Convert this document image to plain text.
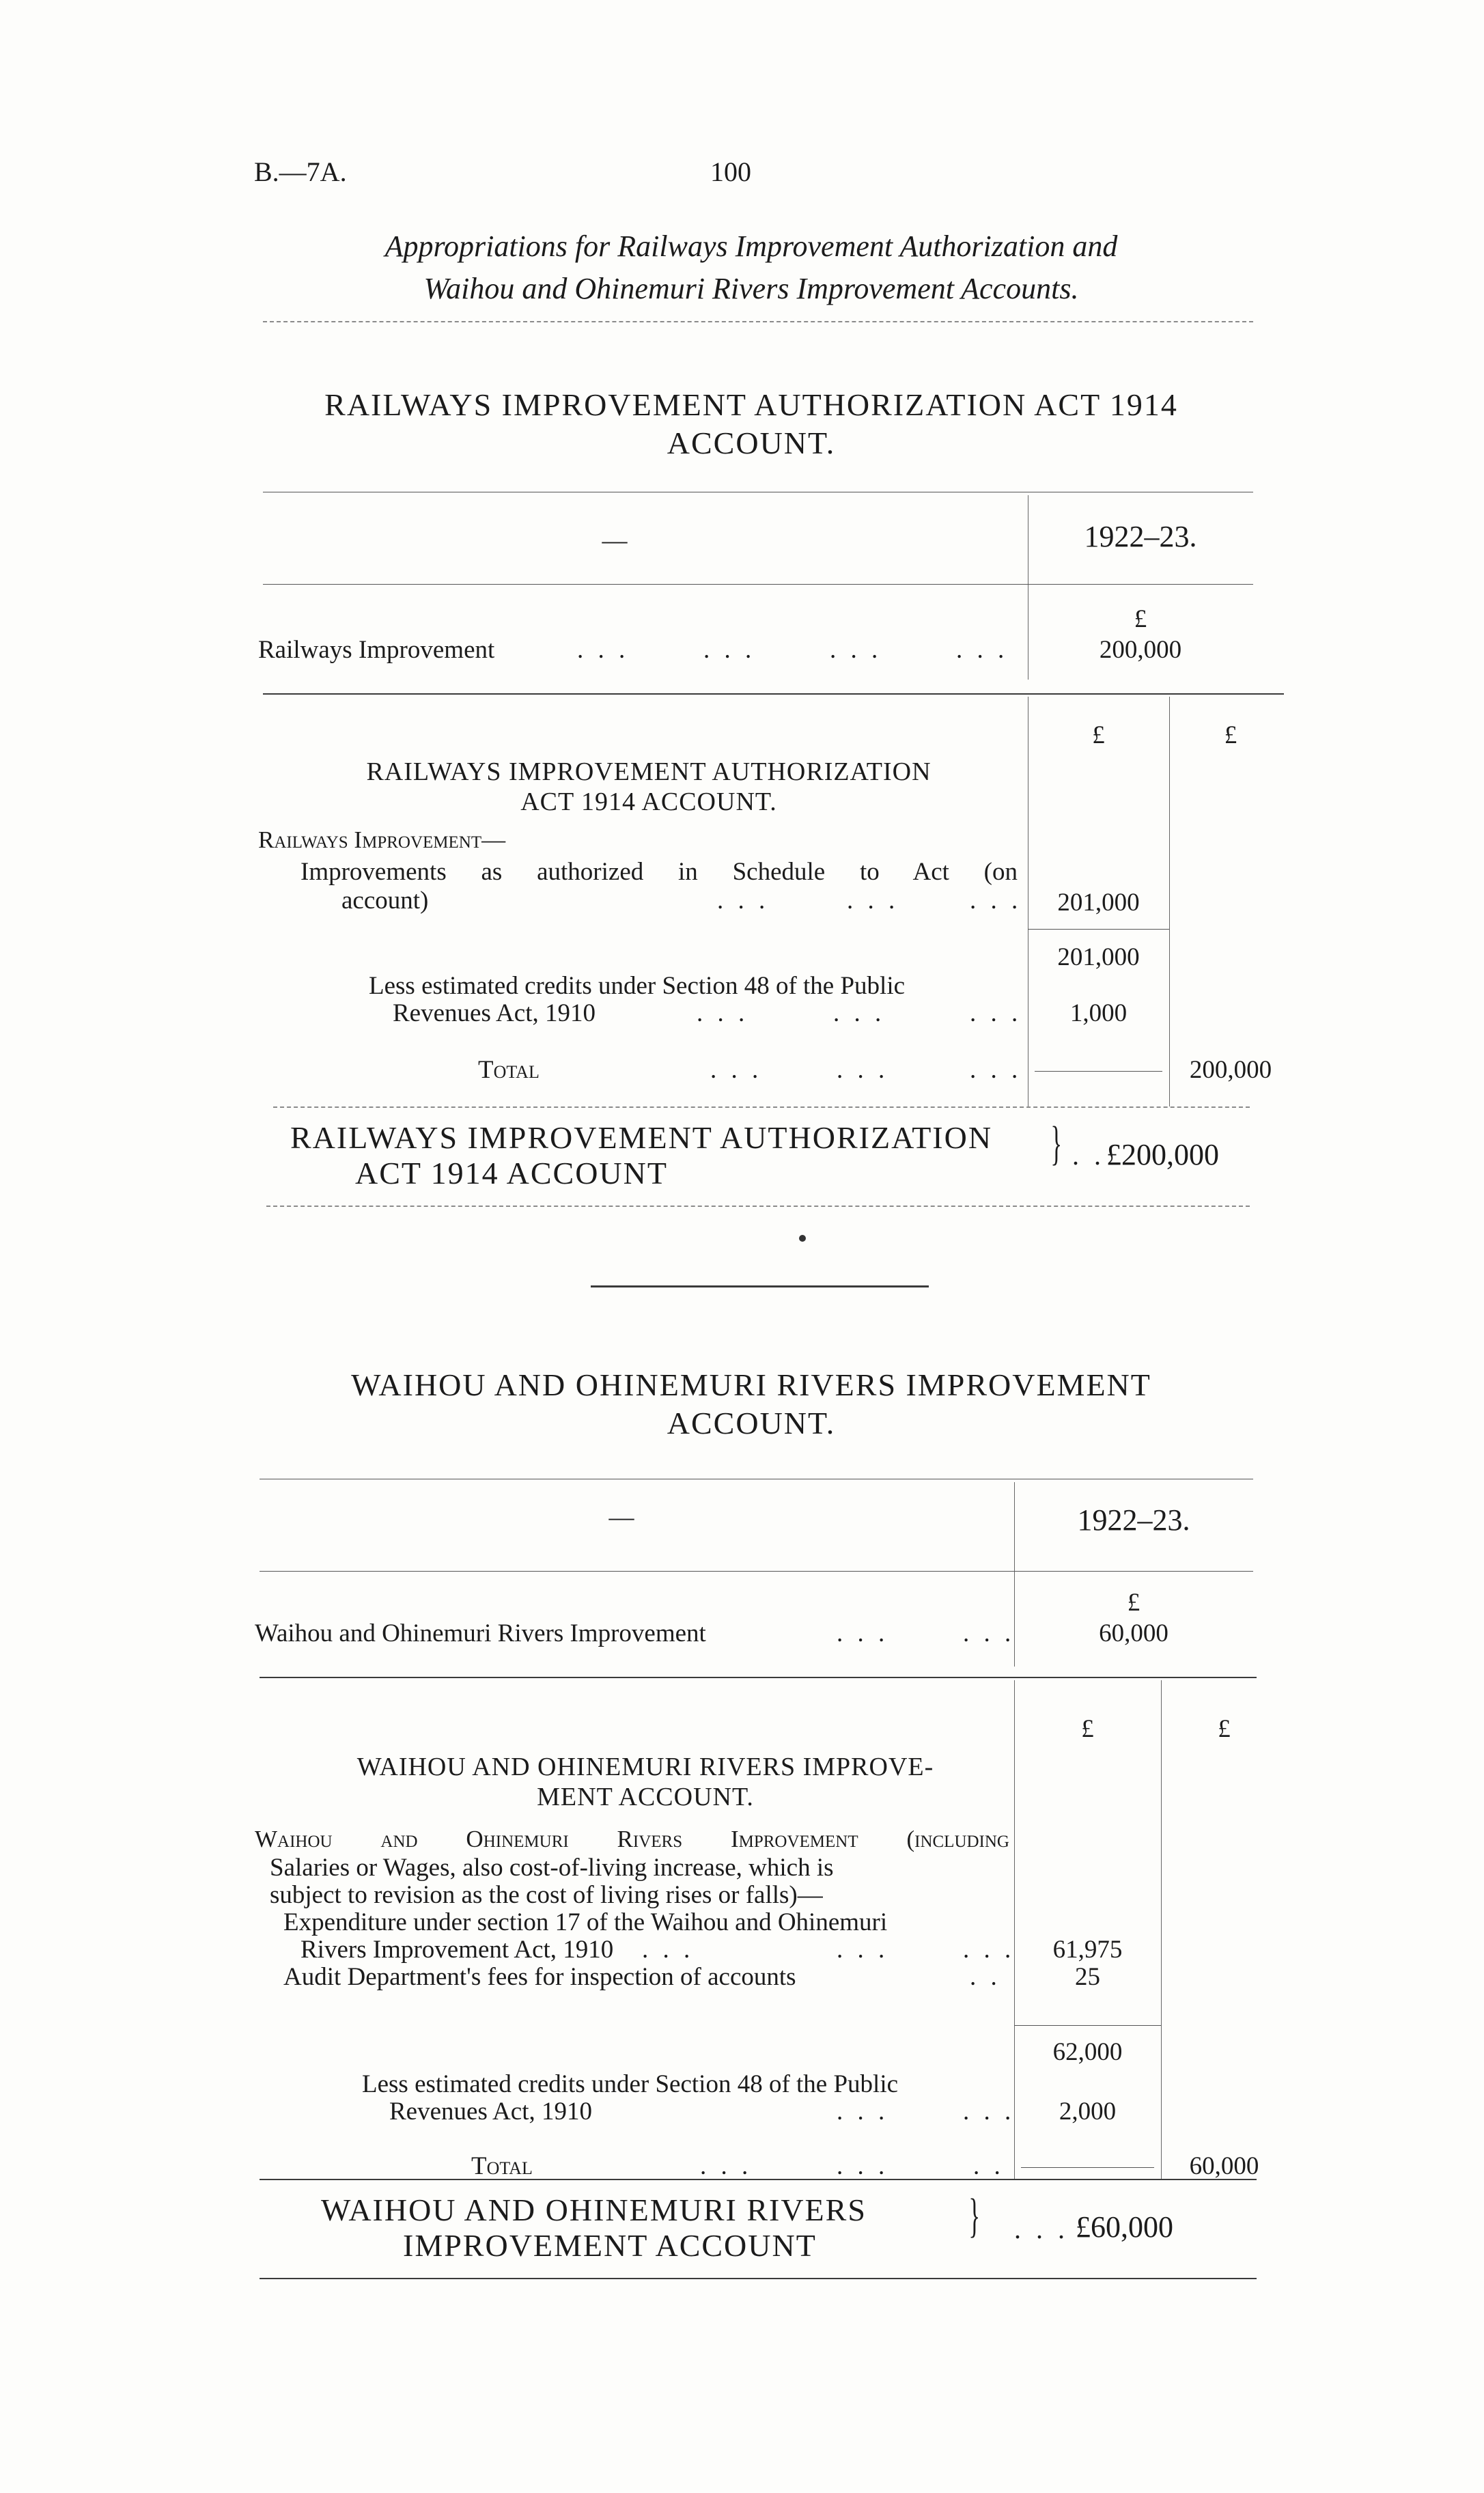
B.—7A.	100
Appropriations for Railways Improvement Authorization and
Waihou and Ohinemuri Rivers Improvement Accounts.
RAILWAYS IMPROVEMENT AUTHORIZATION ACT 1914
ACCOUNT.
—	1922–23.
£
Railways Improvement	. . .	. . .	. . .	. . .	200,000
£	£
RAILWAYS IMPROVEMENT AUTHORIZATION
ACT 1914 ACCOUNT.
Railways Improvement—
Improvements as authorized in Schedule to Act (on
account)	. . .	. . .	. . .	201,000
201,000
Less estimated credits under Section 48 of the Public
Revenues Act, 1910	. . .	. . .	. . .	1,000
Total	. . .	. . .	. . .	200,000
RAILWAYS IMPROVEMENT AUTHORIZATION
ACT 1914 ACCOUNT
} . . £200,000
WAIHOU AND OHINEMURI RIVERS IMPROVEMENT
ACCOUNT.
—	1922–23.
£
Waihou and Ohinemuri Rivers Improvement	. . .	. . .	60,000
£	£
WAIHOU AND OHINEMURI RIVERS IMPROVE-
MENT ACCOUNT.
Waihou and Ohinemuri Rivers Improvement (including
Salaries or Wages, also cost-of-living increase, which is
subject to revision as the cost of living rises or falls)—
Expenditure under section 17 of the Waihou and Ohinemuri
Rivers Improvement Act, 1910 . . .	. . .	. . .	61,975
Audit Department's fees for inspection of accounts	. .	25
62,000
Less estimated credits under Section 48 of the Public
Revenues Act, 1910	. . .	. . .	2,000
Total	. . .	. . .	. .	60,000
WAIHOU AND OHINEMURI RIVERS
IMPROVEMENT ACCOUNT
} . . . £60,000
